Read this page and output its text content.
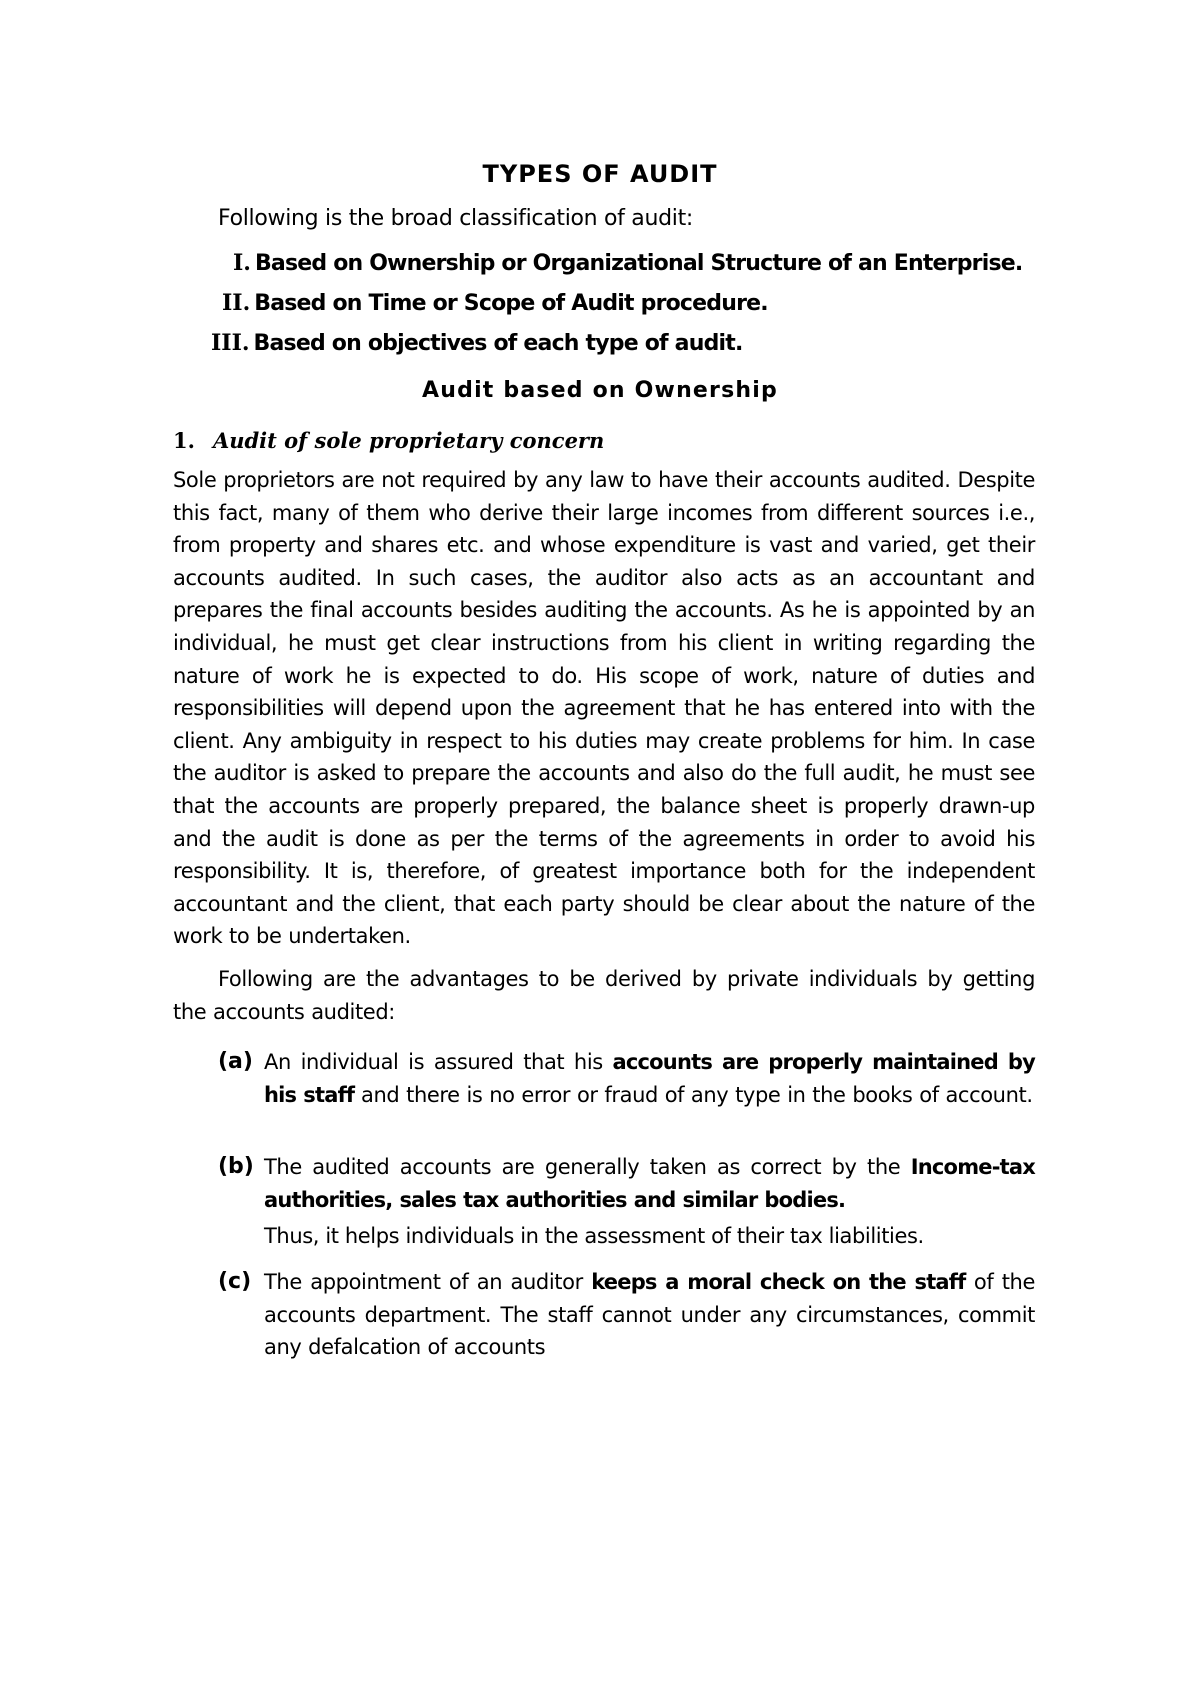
TYPES OF AUDIT

Following is the broad classification of audit:

I. Based on Ownership or Organizational Structure of an Enterprise.
II. Based on Time or Scope of Audit procedure.
III. Based on objectives of each type of audit.
Audit based on Ownership
1. Audit of sole proprietary concern

Sole proprietors are not required by any law to have their accounts audited. Despite this fact, many of them who derive their large incomes from different sources i.e., from property and shares etc. and whose expenditure is vast and varied, get their accounts audited. In such cases, the auditor also acts as an accountant and prepares the final accounts besides auditing the accounts. As he is appointed by an individual, he must get clear instructions from his client in writing regarding the nature of work he is expected to do. His scope of work, nature of duties and responsibilities will depend upon the agreement that he has entered into with the client. Any ambiguity in respect to his duties may create problems for him. In case the auditor is asked to prepare the accounts and also do the full audit, he must see that the accounts are properly prepared, the balance sheet is properly drawn-up and the audit is done as per the terms of the agreements in order to avoid his responsibility. It is, therefore, of greatest importance both for the independent accountant and the client, that each party should be clear about the nature of the work to be undertaken.

Following are the advantages to be derived by private individuals by getting the accounts audited:

(a) An individual is assured that his accounts are properly maintained by his staff and there is no error or fraud of any type in the books of account.
(b) The audited accounts are generally taken as correct by the Income-tax authorities, sales tax authorities and similar bodies.

Thus, it helps individuals in the assessment of their tax liabilities.

(c) The appointment of an auditor keeps a moral check on the staff of the accounts department. The staff cannot under any circumstances, commit any defalcation of accounts
